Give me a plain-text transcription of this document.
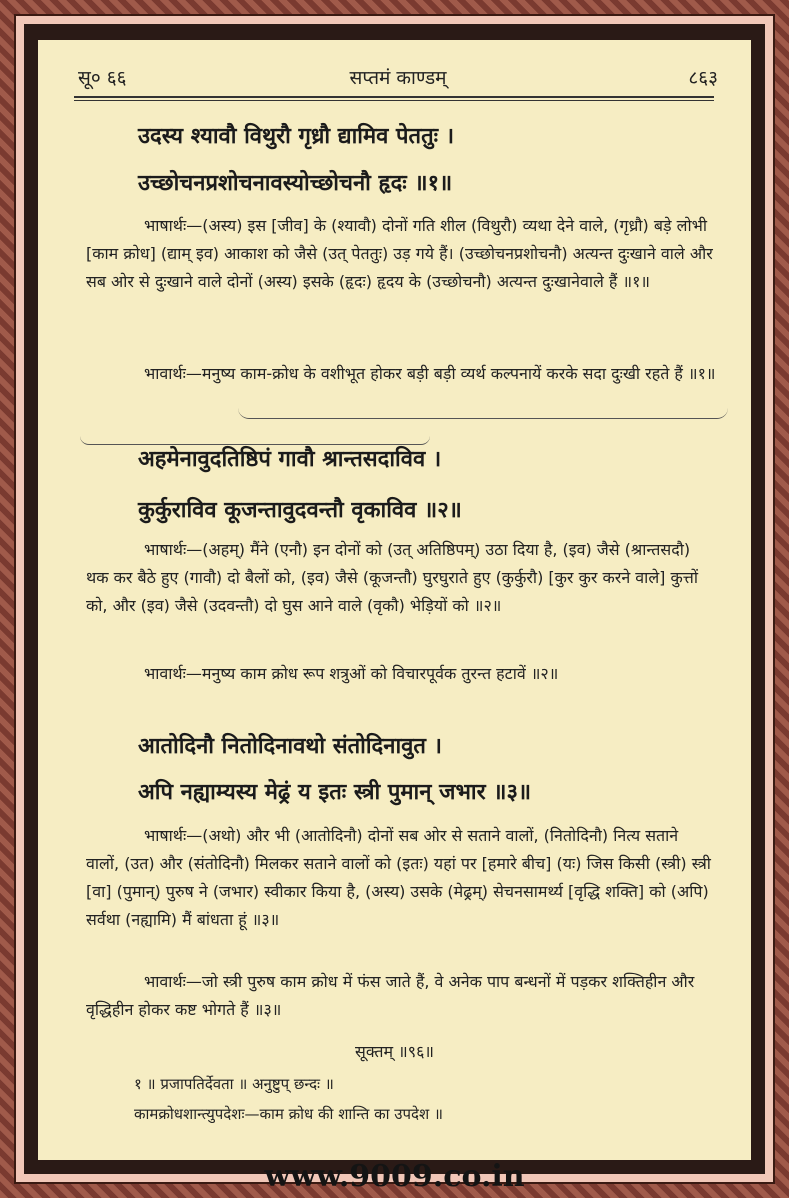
सू० ६६	सप्तमं काण्डम्	८६३
उदस्य श्यावौ विथुरौ गृध्रौ द्यामिव पेततुः ।
उच्छोचनप्रशोचनावस्योच्छोचनौ हृदः ॥१॥

भाषार्थः—(अस्य) इस [जीव] के (श्यावौ) दोनों गति शील (विथुरौ) व्यथा देने वाले, (गृध्रौ) बड़े लोभी [काम क्रोध] (द्याम् इव) आकाश को जैसे (उत् पेततुः) उड़ गये हैं। (उच्छोचनप्रशोचनौ) अत्यन्त दुःखाने वाले और सब ओर से दुःखाने वाले दोनों (अस्य) इसके (हृदः) हृदय के (उच्छोचनौ) अत्यन्त दुःखानेवाले हैं ॥१॥

भावार्थः—मनुष्य काम-क्रोध के वशीभूत होकर बड़ी बड़ी व्यर्थ कल्पनायें करके सदा दुःखी रहते हैं ॥१॥

अहमेनावुदतिष्ठिपं गावौ श्रान्तसदाविव ।
कुर्कुराविव कूजन्तावुदवन्तौ वृकाविव ॥२॥

भाषार्थः—(अहम्) मैंने (एनौ) इन दोनों को (उत् अतिष्ठिपम्) उठा दिया है, (इव) जैसे (श्रान्तसदौ) थक कर बैठे हुए (गावौ) दो बैलों को, (इव) जैसे (कूजन्तौ) घुरघुराते हुए (कुर्कुरौ) [कुर कुर करने वाले] कुत्तों को, और (इव) जैसे (उदवन्तौ) दो घुस आने वाले (वृकौ) भेड़ियों को ॥२॥

भावार्थः—मनुष्य काम क्रोध रूप शत्रुओं को विचारपूर्वक तुरन्त हटावें ॥२॥

आतोदिनौ नितोदिनावथो संतोदिनावुत ।
अपि नह्याम्यस्य मेढ्रं य इतः स्त्री पुमान् जभार ॥३॥

भाषार्थः—(अथो) और भी (आतोदिनौ) दोनों सब ओर से सताने वालों, (नितोदिनौ) नित्य सताने वालों, (उत) और (संतोदिनौ) मिलकर सताने वालों को (इतः) यहां पर [हमारे बीच] (यः) जिस किसी (स्त्री) स्त्री [वा] (पुमान्) पुरुष ने (जभार) स्वीकार किया है, (अस्य) उसके (मेढ्रम्) सेचनसामर्थ्य [वृद्धि शक्ति] को (अपि) सर्वथा (नह्यामि) मैं बांधता हूं ॥३॥

भावार्थः—जो स्त्री पुरुष काम क्रोध में फंस जाते हैं, वे अनेक पाप बन्धनों में पड़कर शक्तिहीन और वृद्धिहीन होकर कष्ट भोगते हैं ॥३॥

सूक्तम् ॥९६॥
१ ॥ प्रजापतिर्देवता ॥ अनुष्टुप् छन्दः ॥
कामक्रोधशान्त्युपदेशः—काम क्रोध की शान्ति का उपदेश ॥
www.9009.co.in
